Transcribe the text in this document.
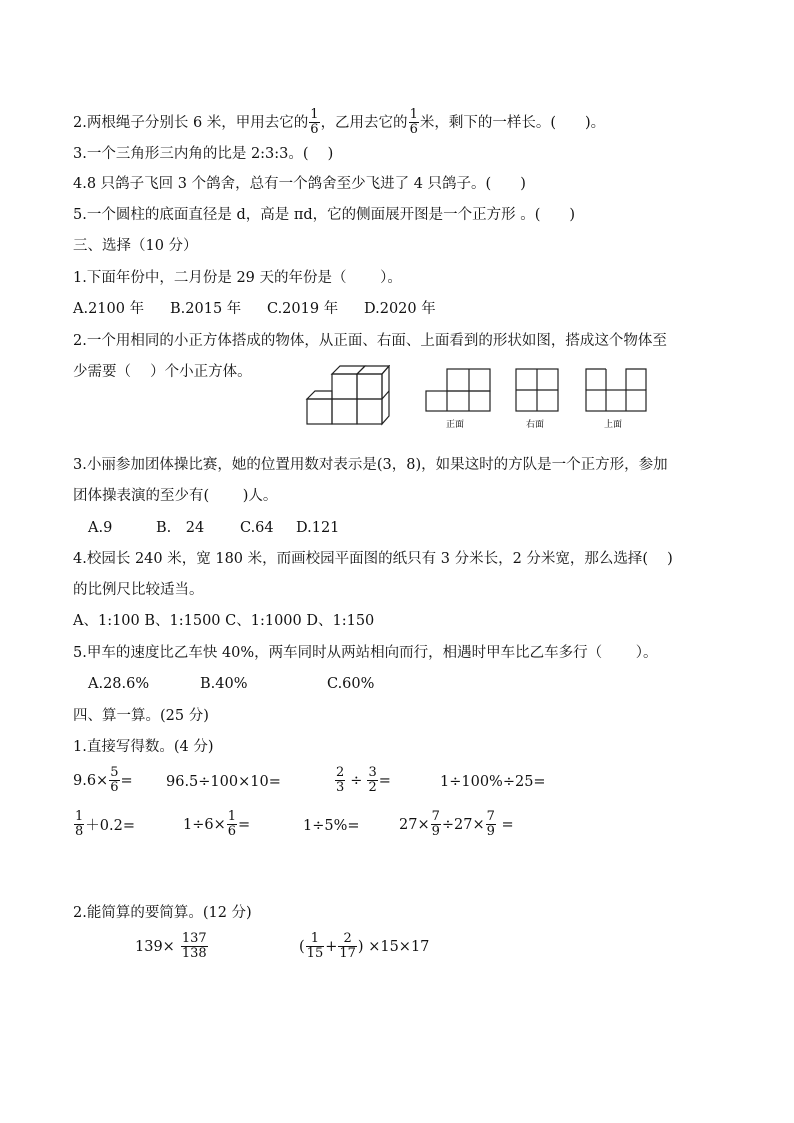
2.两根绳子分别长 6 米，甲用去它的 $\frac{1}{6}$ ，乙用去它的 $\frac{1}{6}$ 米，剩下的一样长。(　　)。
3.一个三角形三内角的比是 2:3:3。(　 )
4.8 只鸽子飞回 3 个鸽舍，总有一个鸽舍至少飞进了 4 只鸽子。(　　)
5.一个圆柱的底面直径是 d，高是 πd，它的侧面展开图是一个正方形 。(　　)
三、选择（10 分）
1.下面年份中，二月份是 29 天的年份是（　　 ）。
A.2100 年 B.2015 年 C.2019 年 D.2020 年
2.一个用相同的小正方体搭成的物体，从正面、右面、上面看到的形状如图，搭成这个物体至
少需要（　 ）个小正方体。
正面	右面	上面
3.小丽参加团体操比赛，她的位置用数对表示是(3，8)，如果这时的方队是一个正方形，参加
团体操表演的至少有(　　 )人。
A.9	B.　24 C.64 D.121
4.校园长 240 米，宽 180 米，而画校园平面图的纸只有 3 分米长，2 分米宽，那么选择(　 )
的比例尺比较适当。
A、1:100 B、1:1500 C、1:1000 D、1:150
5.甲车的速度比乙车快 40%，两车同时从两站相向而行，相遇时甲车比乙车多行（　　 ）。
A.28.6%	B.40%	C.60%
四、算一算。(25 分)
1.直接写得数。(4 分)
$9.6\times \frac{5}{6} = 96.5\div 100\times 10=$	$\frac{2}{3} \div \frac{3}{2}$ =	1÷100%÷25=
$\frac{1}{8} +0.2=$	$1\div 6\times \frac{1}{6}$ =	1÷5%=	$27\times \frac{7}{9} \div 27\times \frac{7}{9}$ =
2.能简算的要简算。(12 分)
$139\times \frac{137}{138}$	( $\frac{1}{15} + \frac{2}{17}$ ) ×15×17
